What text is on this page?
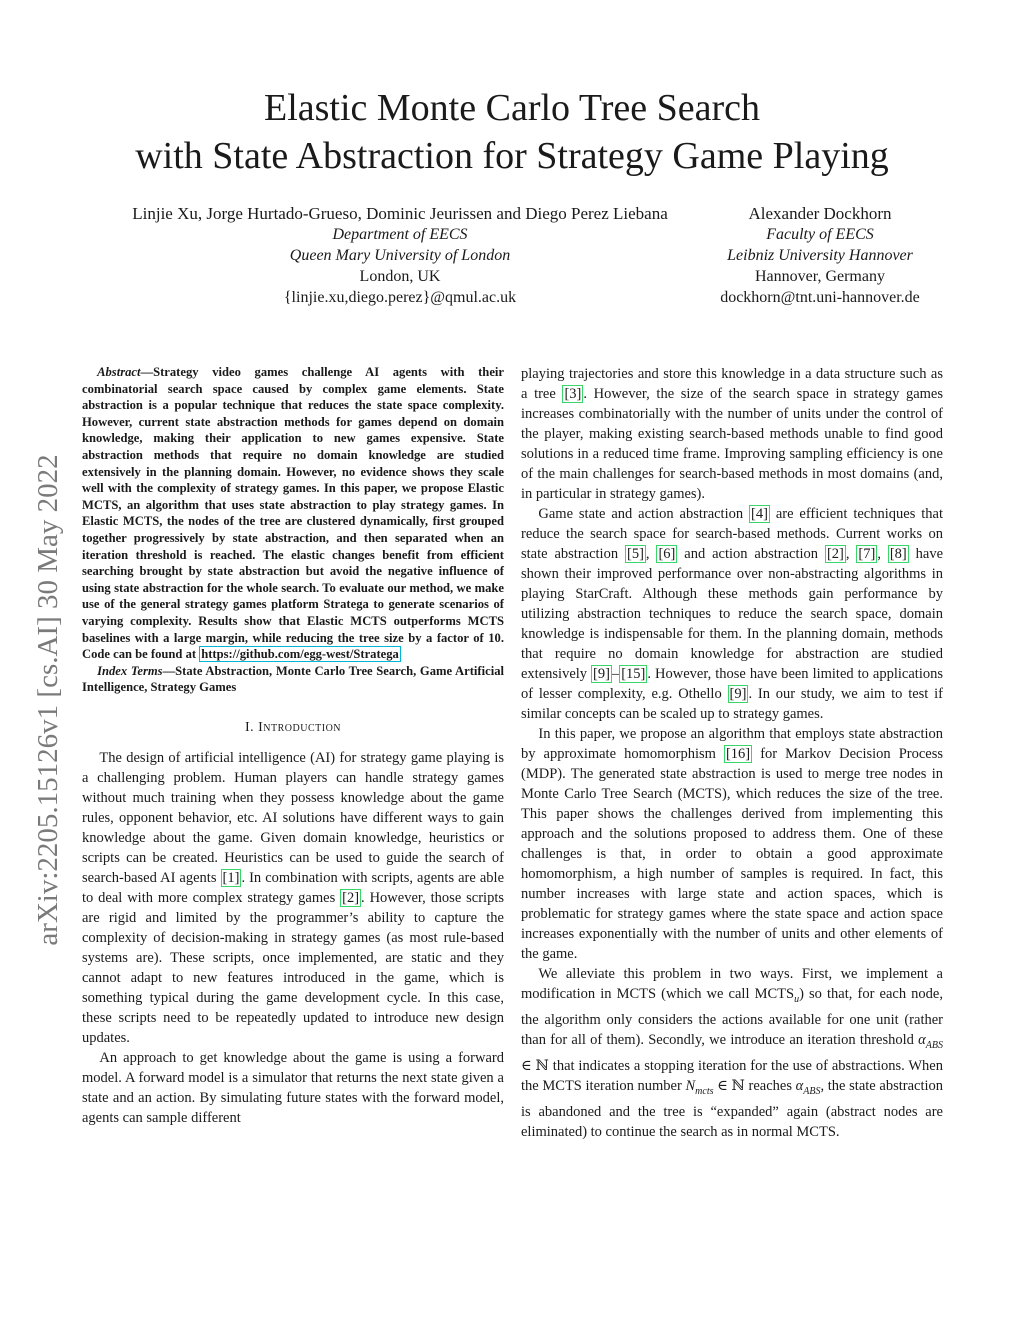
Elastic Monte Carlo Tree Search
with State Abstraction for Strategy Game Playing
Linjie Xu, Jorge Hurtado-Grueso, Dominic Jeurissen and Diego Perez Liebana
Department of EECS
Queen Mary University of London
London, UK
{linjie.xu,diego.perez}@qmul.ac.uk
Alexander Dockhorn
Faculty of EECS
Leibniz University Hannover
Hannover, Germany
dockhorn@tnt.uni-hannover.de
arXiv:2205.15126v1 [cs.AI] 30 May 2022

Abstract—Strategy video games challenge AI agents with their combinatorial search space caused by complex game elements. State abstraction is a popular technique that reduces the state space complexity. However, current state abstraction methods for games depend on domain knowledge, making their application to new games expensive. State abstraction methods that require no domain knowledge are studied extensively in the planning domain. However, no evidence shows they scale well with the complexity of strategy games. In this paper, we propose Elastic MCTS, an algorithm that uses state abstraction to play strategy games. In Elastic MCTS, the nodes of the tree are clustered dynamically, first grouped together progressively by state abstraction, and then separated when an iteration threshold is reached. The elastic changes benefit from efficient searching brought by state abstraction but avoid the negative influence of using state abstraction for the whole search. To evaluate our method, we make use of the general strategy games platform Stratega to generate scenarios of varying complexity. Results show that Elastic MCTS outperforms MCTS baselines with a large margin, while reducing the tree size by a factor of 10. Code can be found at https://github.com/egg-west/Stratega

Index Terms—State Abstraction, Monte Carlo Tree Search, Game Artificial Intelligence, Strategy Games

I. Introduction

The design of artificial intelligence (AI) for strategy game playing is a challenging problem. Human players can handle strategy games without much training when they possess knowledge about the game rules, opponent behavior, etc. AI solutions have different ways to gain knowledge about the game. Given domain knowledge, heuristics or scripts can be created. Heuristics can be used to guide the search of search-based AI agents [1] . In combination with scripts, agents are able to deal with more complex strategy games [2] . However, those scripts are rigid and limited by the programmer’s ability to capture the complexity of decision-making in strategy games (as most rule-based systems are). These scripts, once implemented, are static and they cannot adapt to new features introduced in the game, which is something typical during the game development cycle. In this case, these scripts need to be repeatedly updated to introduce new design updates.

An approach to get knowledge about the game is using a forward model. A forward model is a simulator that returns the next state given a state and an action. By simulating future states with the forward model, agents can sample different

playing trajectories and store this knowledge in a data structure such as a tree [3] . However, the size of the search space in strategy games increases combinatorially with the number of units under the control of the player, making existing search-based methods unable to find good solutions in a reduced time frame. Improving sampling efficiency is one of the main challenges for search-based methods in most domains (and, in particular in strategy games).

Game state and action abstraction [4] are efficient techniques that reduce the search space for search-based methods. Current works on state abstraction [5] , [6] and action abstraction [2] , [7] , [8] have shown their improved performance over non-abstracting algorithms in playing StarCraft. Although these methods gain performance by utilizing abstraction techniques to reduce the search space, domain knowledge is indispensable for them. In the planning domain, methods that require no domain knowledge for abstraction are studied extensively [9] – [15] . However, those have been limited to applications of lesser complexity, e.g. Othello [9] . In our study, we aim to test if similar concepts can be scaled up to strategy games.

In this paper, we propose an algorithm that employs state abstraction by approximate homomorphism [16] for Markov Decision Process (MDP). The generated state abstraction is used to merge tree nodes in Monte Carlo Tree Search (MCTS), which reduces the size of the tree. This paper shows the challenges derived from implementing this approach and the solutions proposed to address them. One of these challenges is that, in order to obtain a good approximate homomorphism, a high number of samples is required. In fact, this number increases with large state and action spaces, which is problematic for strategy games where the state space and action space increases exponentially with the number of units and other elements of the game.

We alleviate this problem in two ways. First, we implement a modification in MCTS (which we call $MCTS_u$) so that, for each node, the algorithm only considers the actions available for one unit (rather than for all of them). Secondly, we introduce an iteration threshold $\alpha_{ABS}$ ∈ ℕ that indicates a stopping iteration for the use of abstractions. When the MCTS iteration number $N_{mcts}$ ∈ ℕ reaches $\alpha_{ABS}$, the state abstraction is abandoned and the tree is “expanded” again (abstract nodes are eliminated) to continue the search as in normal MCTS.
